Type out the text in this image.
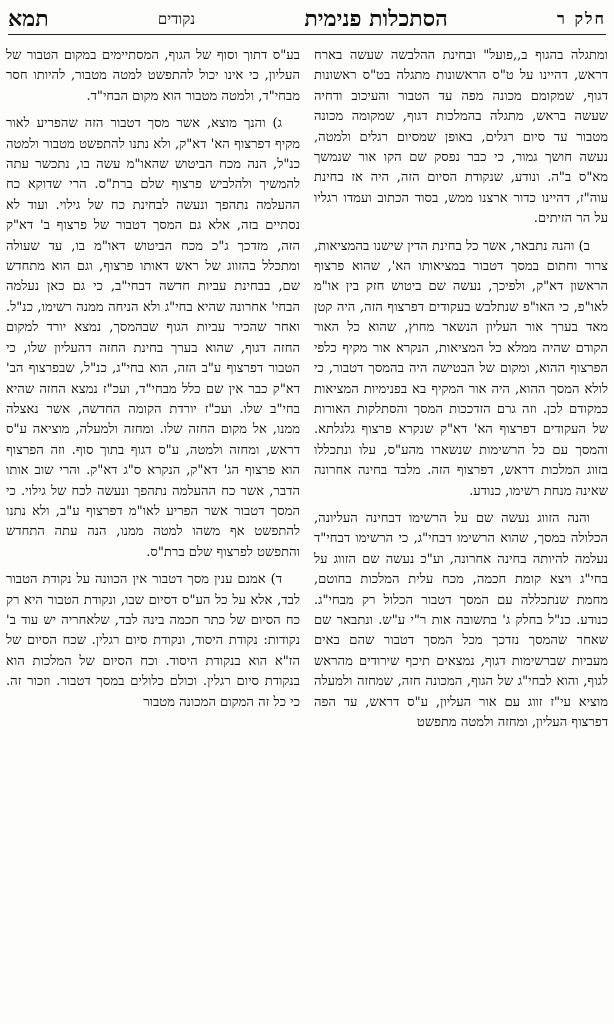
חלק ר
הסתכלות פנימית
נקודים
תמא

ומתגלה בהגוף ב,,פועל" ובחינת ההלבשה שעשה בארח דראש, דהיינו על ט"ס הראשונות מתגלה בט"ס ראשונות דגוף, שמקומם מכונה מפה עד הטבור והעיכוב ודחיה שעשה בראש, מתגלה בהמלכות דגוף, שמקומה מכונה מטבור עד סיום רגלים, באופן שמסיום רגלים ולמטה, נעשה חושך גמור, כי כבר נפסק שם הקו אור שנמשך מא"ס ב"ה. ונודע, שנקודת הסיום הזה, היה אז בחינת עוה"ז, דהיינו כדור ארצנו ממש, בסוד הכתוב ועמדו רגליו על הר הזיתים.

ב) והנה נתבאר, אשר כל בחינת הדין שישנו בהמציאות, צרור וחתום במסך דטבור במציאותו הא', שהוא פרצוף הראשון דא"ק, ולפיכך, נעשה שם ביטוש חזק בין או"מ לאו"פ, כי האו"פ שנתלבש בעקודים דפרצוף הזה, היה קטן מאד בערך אור העליון הנשאר מחוץ, שהוא כל האור הקודם שהיה ממלא כל המציאות, הנקרא אור מקיף כלפי הפרצוף ההוא, ומקום של הבטישה היה בהמסך דטבור, כי לולא המסך ההוא, היה אור המקיף בא בפנימיות המציאות כמקודם לכן. וזה גרם הזדככות המסך והסתלקות האורות של העקודים דפרצוף הא' דא"ק שנקרא פרצוף גלגלתא. והמסך עם כל הרשימות שנשארו מהע"ס, עלו ונתכללו בזווג המלכות דראש, דפרצוף הזה. מלבד בחינה אחרונה שאינה מנחת רשימו, כנודע.

והנה הזווג נעשה שם על הרשימו דבחינה העליונה, הכלולה במסך, שהוא הרשימו דבחי"ג, כי הרשימו דבחי"ד נעלמה להיותה בחינה אחרונה, וע"כ נעשה שם הזווג על בחי"ג ויצא קומת חכמה, מכח עלית המלכות בחוטם, מחמת שנתכללה עם המסך דטבור הכלול רק מבחי"ג. כנודע. כנ"ל בחלק ג' בתשובה אות ר"י ע"ש. ונתבאר שם שאחר שהמסך נזדכך מכל המסך דטבור שהם באים מעביות שברשימות דגוף, נמצאים תיכף שירודים מהראש לגוף, והוא לבחי"ג של הגוף, המכונה חזה, שמחזה ולמעלה מוציא עי"ז זווג עם אור העליון, ע"ס דראש, עד הפה דפרצוף העליון, ומחזה ולמטה מתפשט

בע"ס דתוך וסוף של הגוף, המסתיימים במקום הטבור של העליון, כי אינו יכול להתפשט למטה מטבור, להיותו חסר מבחי"ד, ולמטה מטבור הוא מקום הבחי"ד.

ג) והנך מוצא, אשר מסך דטבור הזה שהפריע לאור מקיף דפרצוף הא' דא"ק, ולא נתנו להתפשט מטבור ולמטה כנ"ל, הנה מכח הביטוש שהאו"מ עשה בו, נתכשר עתה להמשיך ולהלביש פרצוף שלם ברת"ס. הרי שדוקא כח ההעלמה נתהפך ונעשה לבחינת כח של גילוי. ועוד לא נסתיים בזה, אלא גם המסך דטבור של פרצוף ב' דא"ק הזה, מזדכך ג"כ מכח הביטוש דאו"מ בו, עד שעולה ומתכלל בהזווג של ראש דאותו פרצוף, וגם הוא מתחדש שם, בבחינת עביות חדשה דבחי"ב, כי גם כאן נעלמה הבחי' אחרונה שהיא בחי"ג ולא הניחה ממנה רשימו, כנ"ל. ואחר שהכיר עביות הגוף שבהמסך, נמצא יורד למקום החזה דגוף, שהוא בערך בחינת החזה דהעליון שלו, כי הטבור דפרצוף ע"ב הזה, הוא בחי"ג, כנ"ל, שבפרצוף הב' דא"ק כבר אין שם כלל מבחי"ד, ועכ"ז נמצא החזה שהיא בחי"ב שלו. ועכ"ז יורדת הקומה החדשה, אשר נאצלה ממנו, אל מקום החזה שלו. ומחזה ולמעלה, מוציאה ע"ס דראש, ומחזה ולמטה, ע"ס דגוף בתוך סוף. וזה הפרצוף הוא פרצוף הג' דא"ק, הנקרא ס"ג דא"ק. והרי שוב אותו הדבר, אשר כח ההעלמה נתהפך ונעשה לכח של גילוי. כי המסך דטבור אשר הפריע לאו"מ דפרצוף ע"ב, ולא נתנו להתפשט אף משהו למטה ממנו, הנה עתה התחדש והתפשט לפרצוף שלם ברת"ס.

ד) אמנם ענין מסך דטבור אין הכוונה על נקודת הטבור לבד, אלא על כל הע"ס דסיום שבו, ונקודת הטבור היא רק כח הסיום של כתר חכמה בינה לבד, שלאחריה יש עוד ב' נקודות: נקודת היסוד, ונקודת סיום רגלין. שכח הסיום של הז"א הוא בנקודת היסוד. וכח הסיום של המלכות הוא בנקודת סיום רגלין. וכולם כלולים במסך דטבור. וזכור זה. כי כל זה המקום המכונה מטבור
